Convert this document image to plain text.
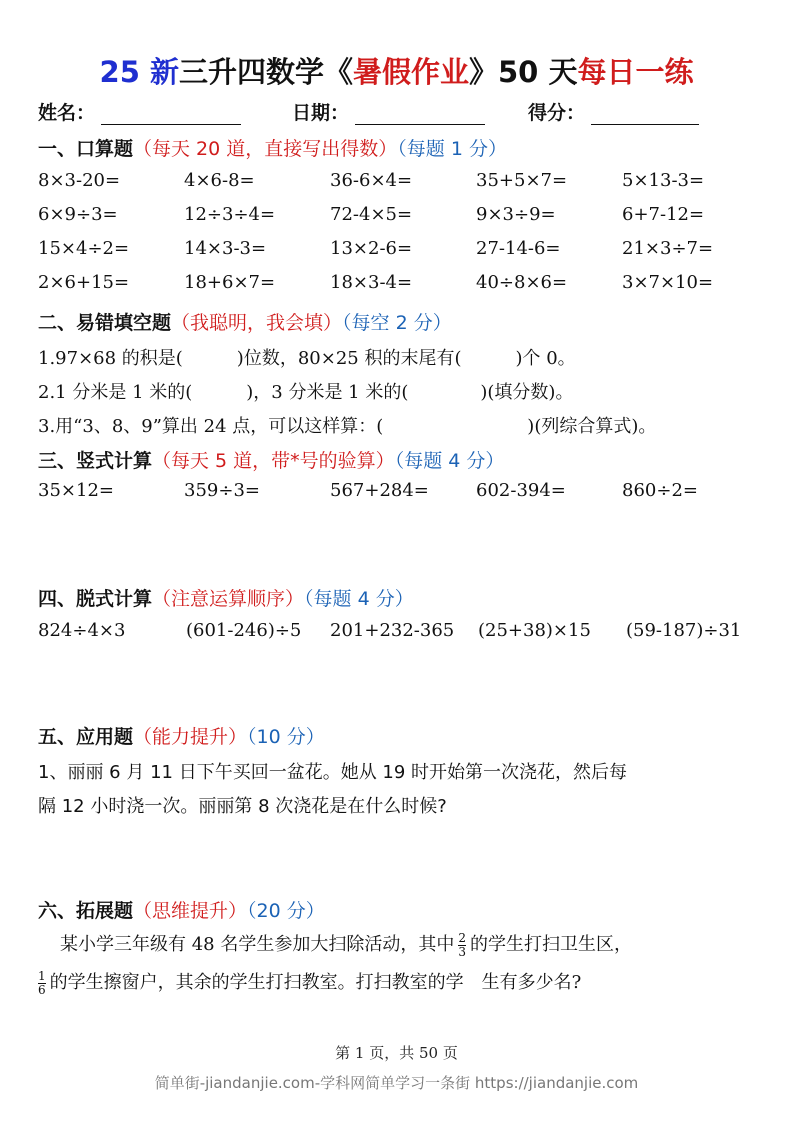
25 新三升四数学《暑假作业》50 天每日一练
姓名：	日期：	得分：
一、口算题（每天 20 道，直接写出得数）（每题 1 分）
8×3-20=	4×6-8=	36-6×4=	35+5×7=	5×13-3=
6×9÷3=	12÷3÷4=	72-4×5=	9×3÷9=	6+7-12=
15×4÷2=	14×3-3=	13×2-6=	27-14-6=	21×3÷7=
2×6+15=	18+6×7=	18×3-4=	40÷8×6=	3×7×10=
二、易错填空题（我聪明，我会填）（每空 2 分）
1.97×68 的积是(　　　)位数，80×25 积的末尾有(　　　)个 0。
2.1 分米是 1 米的(　　　)，3 分米是 1 米的(　　　　)(填分数)。
3.用“3、8、9”算出 24 点，可以这样算：(　　　　　　　　)(列综合算式)。
三、竖式计算（每天 5 道，带*号的验算）（每题 4 分）
35×12=	359÷3=	567+284=	602-394=	860÷2=
四、脱式计算（注意运算顺序）（每题 4 分）
824÷4×3	(601-246)÷5 201+232-365 (25+38)×15 (59-187)÷31
五、应用题（能力提升）（10 分）
1、丽丽 6 月 11 日下午买回一盆花。她从 19 时开始第一次浇花，然后每
隔 12 小时浇一次。丽丽第 8 次浇花是在什么时候?
六、拓展题（思维提升）（20 分）
某小学三年级有 48 名学生参加大扫除活动，其中 $\frac{2}{3}$ 的学生打扫卫生区，
$\frac{1}{6}$ 的学生擦窗户，其余的学生打扫教室。打扫教室的学　生有多少名?
第 1 页，共 50 页
简单街-jiandanjie.com-学科网简单学习一条街 https://jiandanjie.com
